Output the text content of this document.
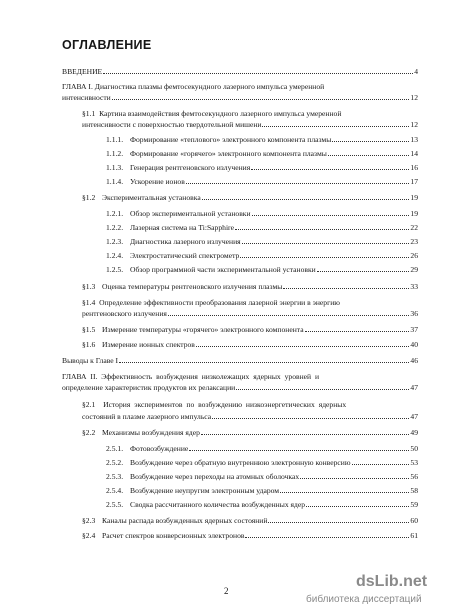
ОГЛАВЛЕНИЕ
ВВЕДЕНИЕ	4
ГЛАВА I. Диагностика плазмы фемтосекундного лазерного импульса умеренной
интенсивности	12
§1.1 Картина взаимодействия фемтосекундного лазерного импульса умеренной
интенсивности с поверхностью твердотельной мишени	12
1.1.1. Формирование «теплового» электронного компонента плазмы	13
1.1.2. Формирование «горячего» электронного компонента плазмы	14
1.1.3. Генерация рентгеновского излучения	16
1.1.4. Ускорение ионов	17
§1.2 Экспериментальная установка	19
1.2.1. Обзор экспериментальной установки	19
1.2.2. Лазерная система на Ti:Sapphire	22
1.2.3. Диагностика лазерного излучения	23
1.2.4. Электростатический спектрометр	26
1.2.5. Обзор программной части экспериментальной установки	29
§1.3 Оценка температуры рентгеновского излучения плазмы	33
§1.4 Определение эффективности преобразования лазерной энергии в энергию
рентгеновского излучения	36
§1.5 Измерение температуры «горячего» электронного компонента	37
§1.6 Измерение ионных спектров	40
Выводы к Главе I	46
ГЛАВА II. Эффективность возбуждения низколежащих ядерных уровней и
определение характеристик продуктов их релаксации	47
§2.1 История экспериментов по возбуждению низкоэнергетических ядерных
состояний в плазме лазерного импульса	47
§2.2 Механизмы возбуждения ядер	49
2.5.1. Фотовозбуждение	50
2.5.2. Возбуждение через обратную внутреннюю электронную конверсию	53
2.5.3. Возбуждение через переходы на атомных оболочках	56
2.5.4. Возбуждение неупругим электронным ударом	58
2.5.5. Сводка рассчитанного количества возбужденных ядер	59
§2.3 Каналы распада возбужденных ядерных состояний	60
§2.4 Расчет спектров конверсионных электронов	61
2
dsLib.net
библиотека диссертаций
